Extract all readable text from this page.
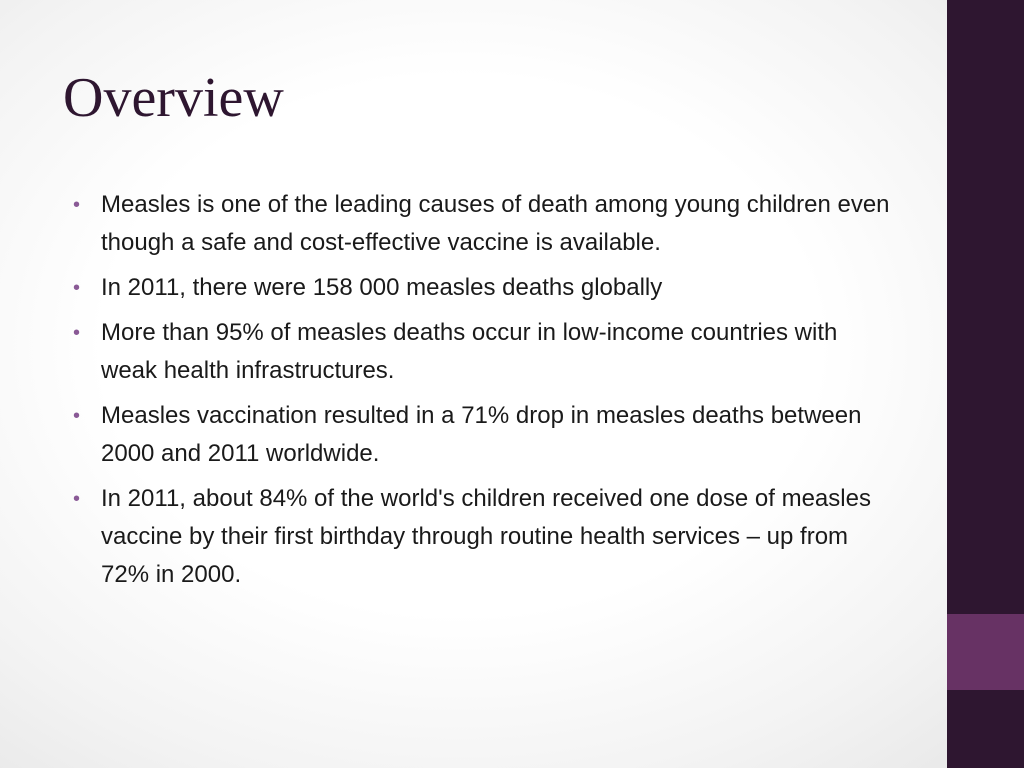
Overview
• Measles is one of the leading causes of death among young children even though a safe and cost-effective vaccine is available.
• In 2011, there were 158 000 measles deaths globally
• More than 95% of measles deaths occur in low-income countries with weak health infrastructures.
• Measles vaccination resulted in a 71% drop in measles deaths between 2000 and 2011 worldwide.
• In 2011, about 84% of the world's children received one dose of measles vaccine by their first birthday through routine health services – up from 72% in 2000.
